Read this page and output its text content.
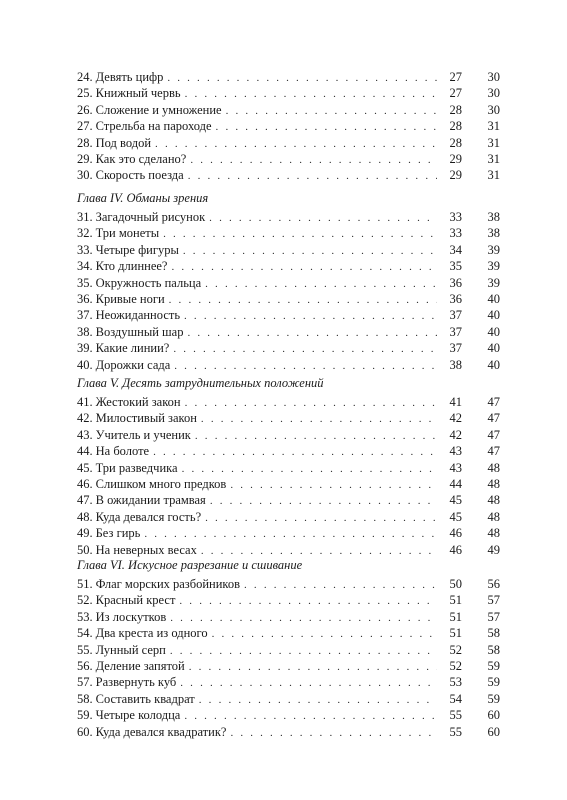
24. Девять цифр . . .	27	30
25. Книжный червь . . .	27	30
26. Сложение и умножение . . .	28	30
27. Стрельба на пароходе . . .	28	31
28. Под водой . . .	28	31
29. Как это сделано? . . .	29	31
30. Скорость поезда . . .	29	31
Глава IV. Обманы зрения
31. Загадочный рисунок . . .	33	38
32. Три монеты . . .	33	38
33. Четыре фигуры . . .	34	39
34. Кто длиннее? . . .	35	39
35. Окружность пальца . . .	36	39
36. Кривые ноги . . .	36	40
37. Неожиданность . . .	37	40
38. Воздушный шар . . .	37	40
39. Какие линии? . . .	37	40
40. Дорожки сада . . .	38	40
Глава V. Десять затруднительных положений
41. Жестокий закон . . .	41	47
42. Милостивый закон . . .	42	47
43. Учитель и ученик . . .	42	47
44. На болоте . . .	43	47
45. Три разведчика . . .	43	48
46. Слишком много предков . . .	44	48
47. В ожидании трамвая . . .	45	48
48. Куда девался гость? . . .	45	48
49. Без гирь . . .	46	48
50. На неверных весах . . .	46	49
Глава VI. Искусное разрезание и сшивание
51. Флаг морских разбойников . . .	50	56
52. Красный крест . . .	51	57
53. Из лоскутков . . .	51	57
54. Два креста из одного . . .	51	58
55. Лунный серп . . .	52	58
56. Деление запятой . . .	52	59
57. Развернуть куб . . .	53	59
58. Составить квадрат . . .	54	59
59. Четыре колодца . . .	55	60
60. Куда девался квадратик? . . .	55	60
